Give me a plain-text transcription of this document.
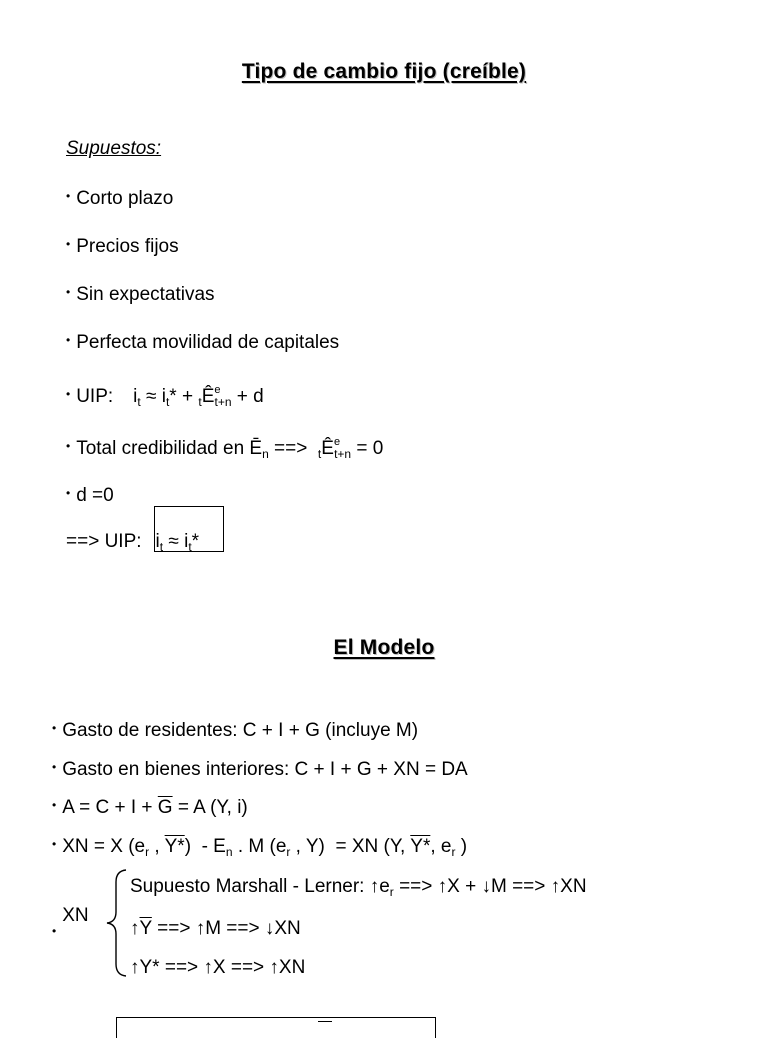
Tipo de cambio fijo (creíble)
Supuestos:
• Corto plazo
• Precios fijos
• Sin expectativas
• Perfecta movilidad de capitales
• UIP: $i_t \approx i_t*$ + $_tÊ^e_{t+n} + d$
• Total credibilidad en $Ē_n$ ==>  $_tÊ^e_{t+n} = 0$
• d =0
==> UIP: $i_t \approx i_t*$
El Modelo
• Gasto de residentes: C + I + G (incluye M)
• Gasto en bienes interiores: C + I + G + XN = DA
• $A = C + I + \overline{G} = A$ (Y, i)
• XN = X ($e_r$ , $Y*) - E_n$ . M ($e_r$ , Y)  = XN (Y, Y*, $e_r$ )
$_•$XN
Supuesto Marshall - Lerner: $↑e_r$ ==> ↑X + ↓M ==> ↑XN
$↑\overline{Y}$ ==> ↑M ==> ↓XN
↑Y* ==> ↑X ==> ↑XN
